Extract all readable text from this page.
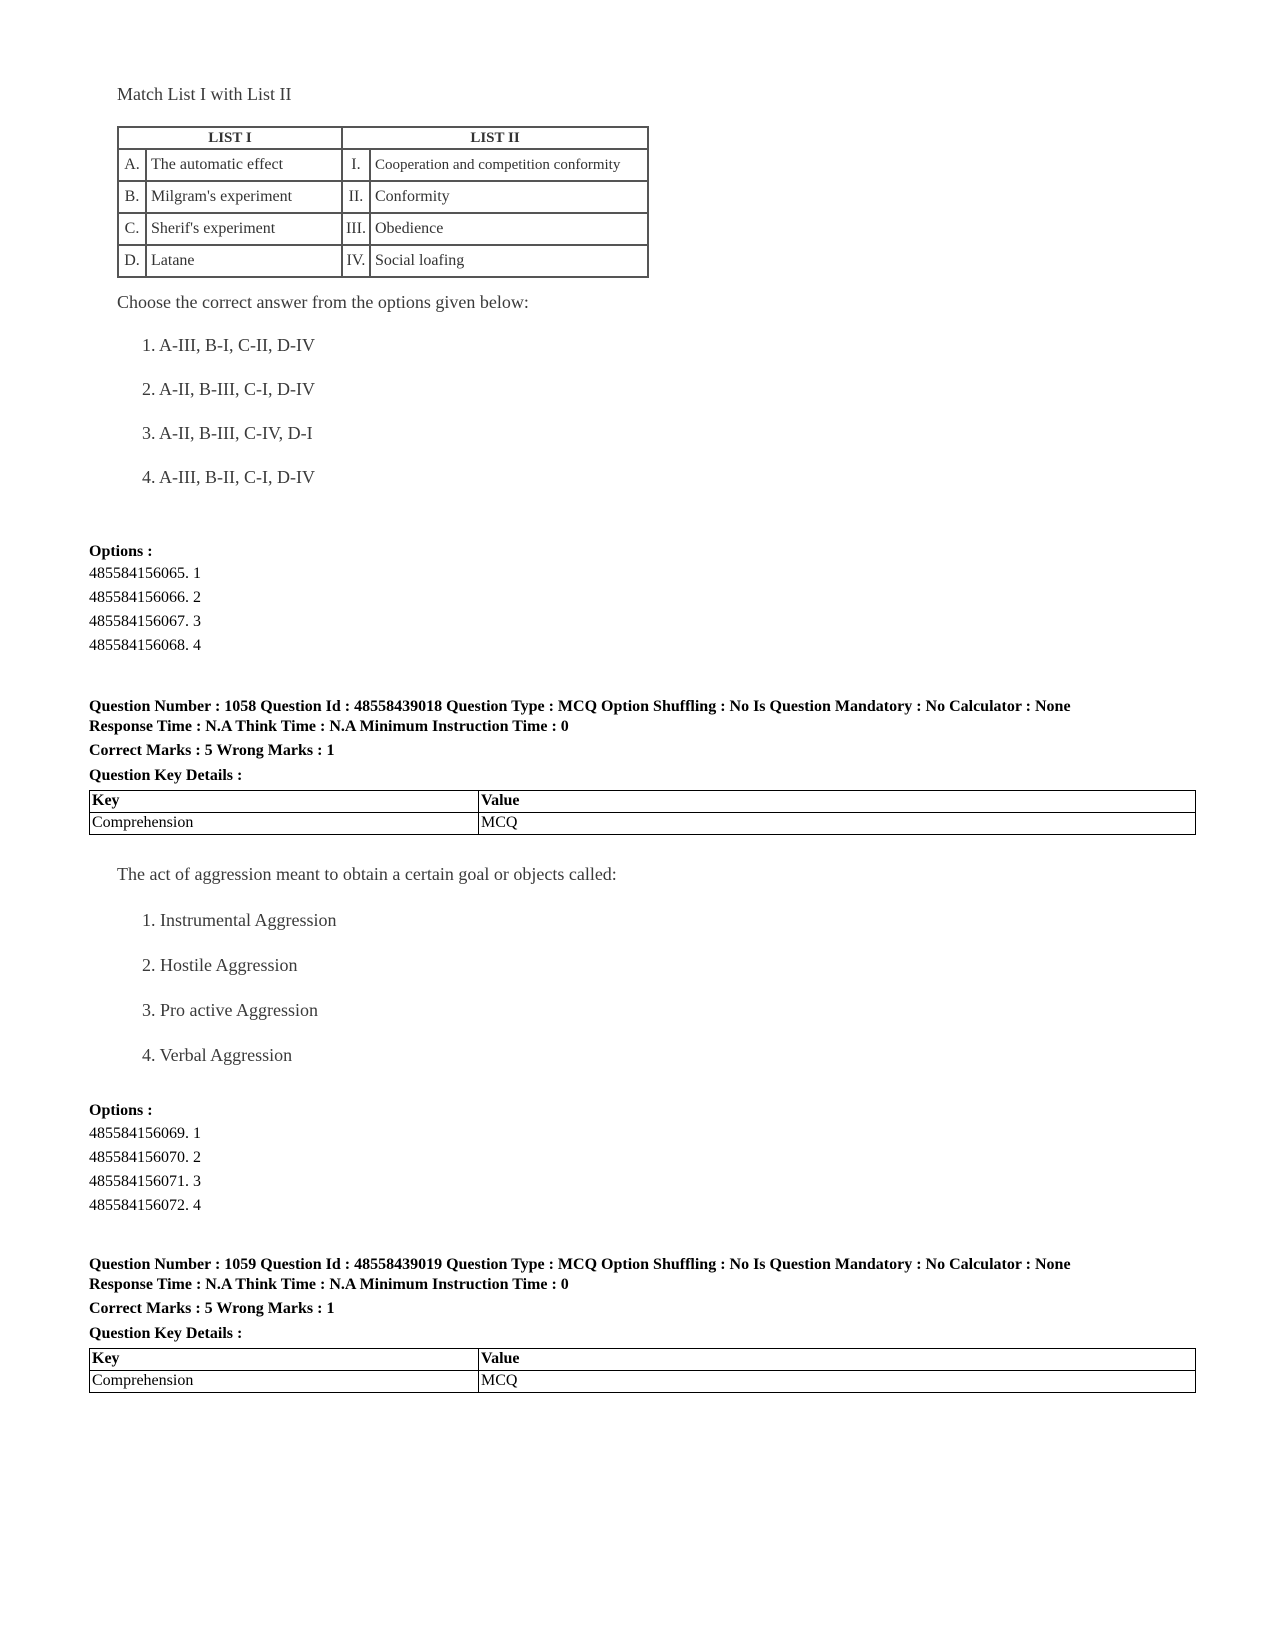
Match List I with List II
LIST I		LIST II	
A.	The automatic effect	I.	Cooperation and competition conformity
B.	Milgram's experiment	II.	Conformity
C.	Sherif's experiment	III.	Obedience
D.	Latane	IV.	Social loafing
Choose the correct answer from the options given below:
1. A-III, B-I, C-II, D-IV
2. A-II, B-III, C-I, D-IV
3. A-II, B-III, C-IV, D-I
4. A-III, B-II, C-I, D-IV
Options :
485584156065. 1
485584156066. 2
485584156067. 3
485584156068. 4
Question Number : 1058 Question Id : 48558439018 Question Type : MCQ Option Shuffling : No Is Question Mandatory : No Calculator : None
Response Time : N.A Think Time : N.A Minimum Instruction Time : 0
Correct Marks : 5 Wrong Marks : 1
Question Key Details :
Key	Value
Comprehension	MCQ
The act of aggression meant to obtain a certain goal or objects called:
1. Instrumental Aggression
2. Hostile Aggression
3. Pro active Aggression
4. Verbal Aggression
Options :
485584156069. 1
485584156070. 2
485584156071. 3
485584156072. 4
Question Number : 1059 Question Id : 48558439019 Question Type : MCQ Option Shuffling : No Is Question Mandatory : No Calculator : None
Response Time : N.A Think Time : N.A Minimum Instruction Time : 0
Correct Marks : 5 Wrong Marks : 1
Question Key Details :
Key	Value
Comprehension	MCQ
